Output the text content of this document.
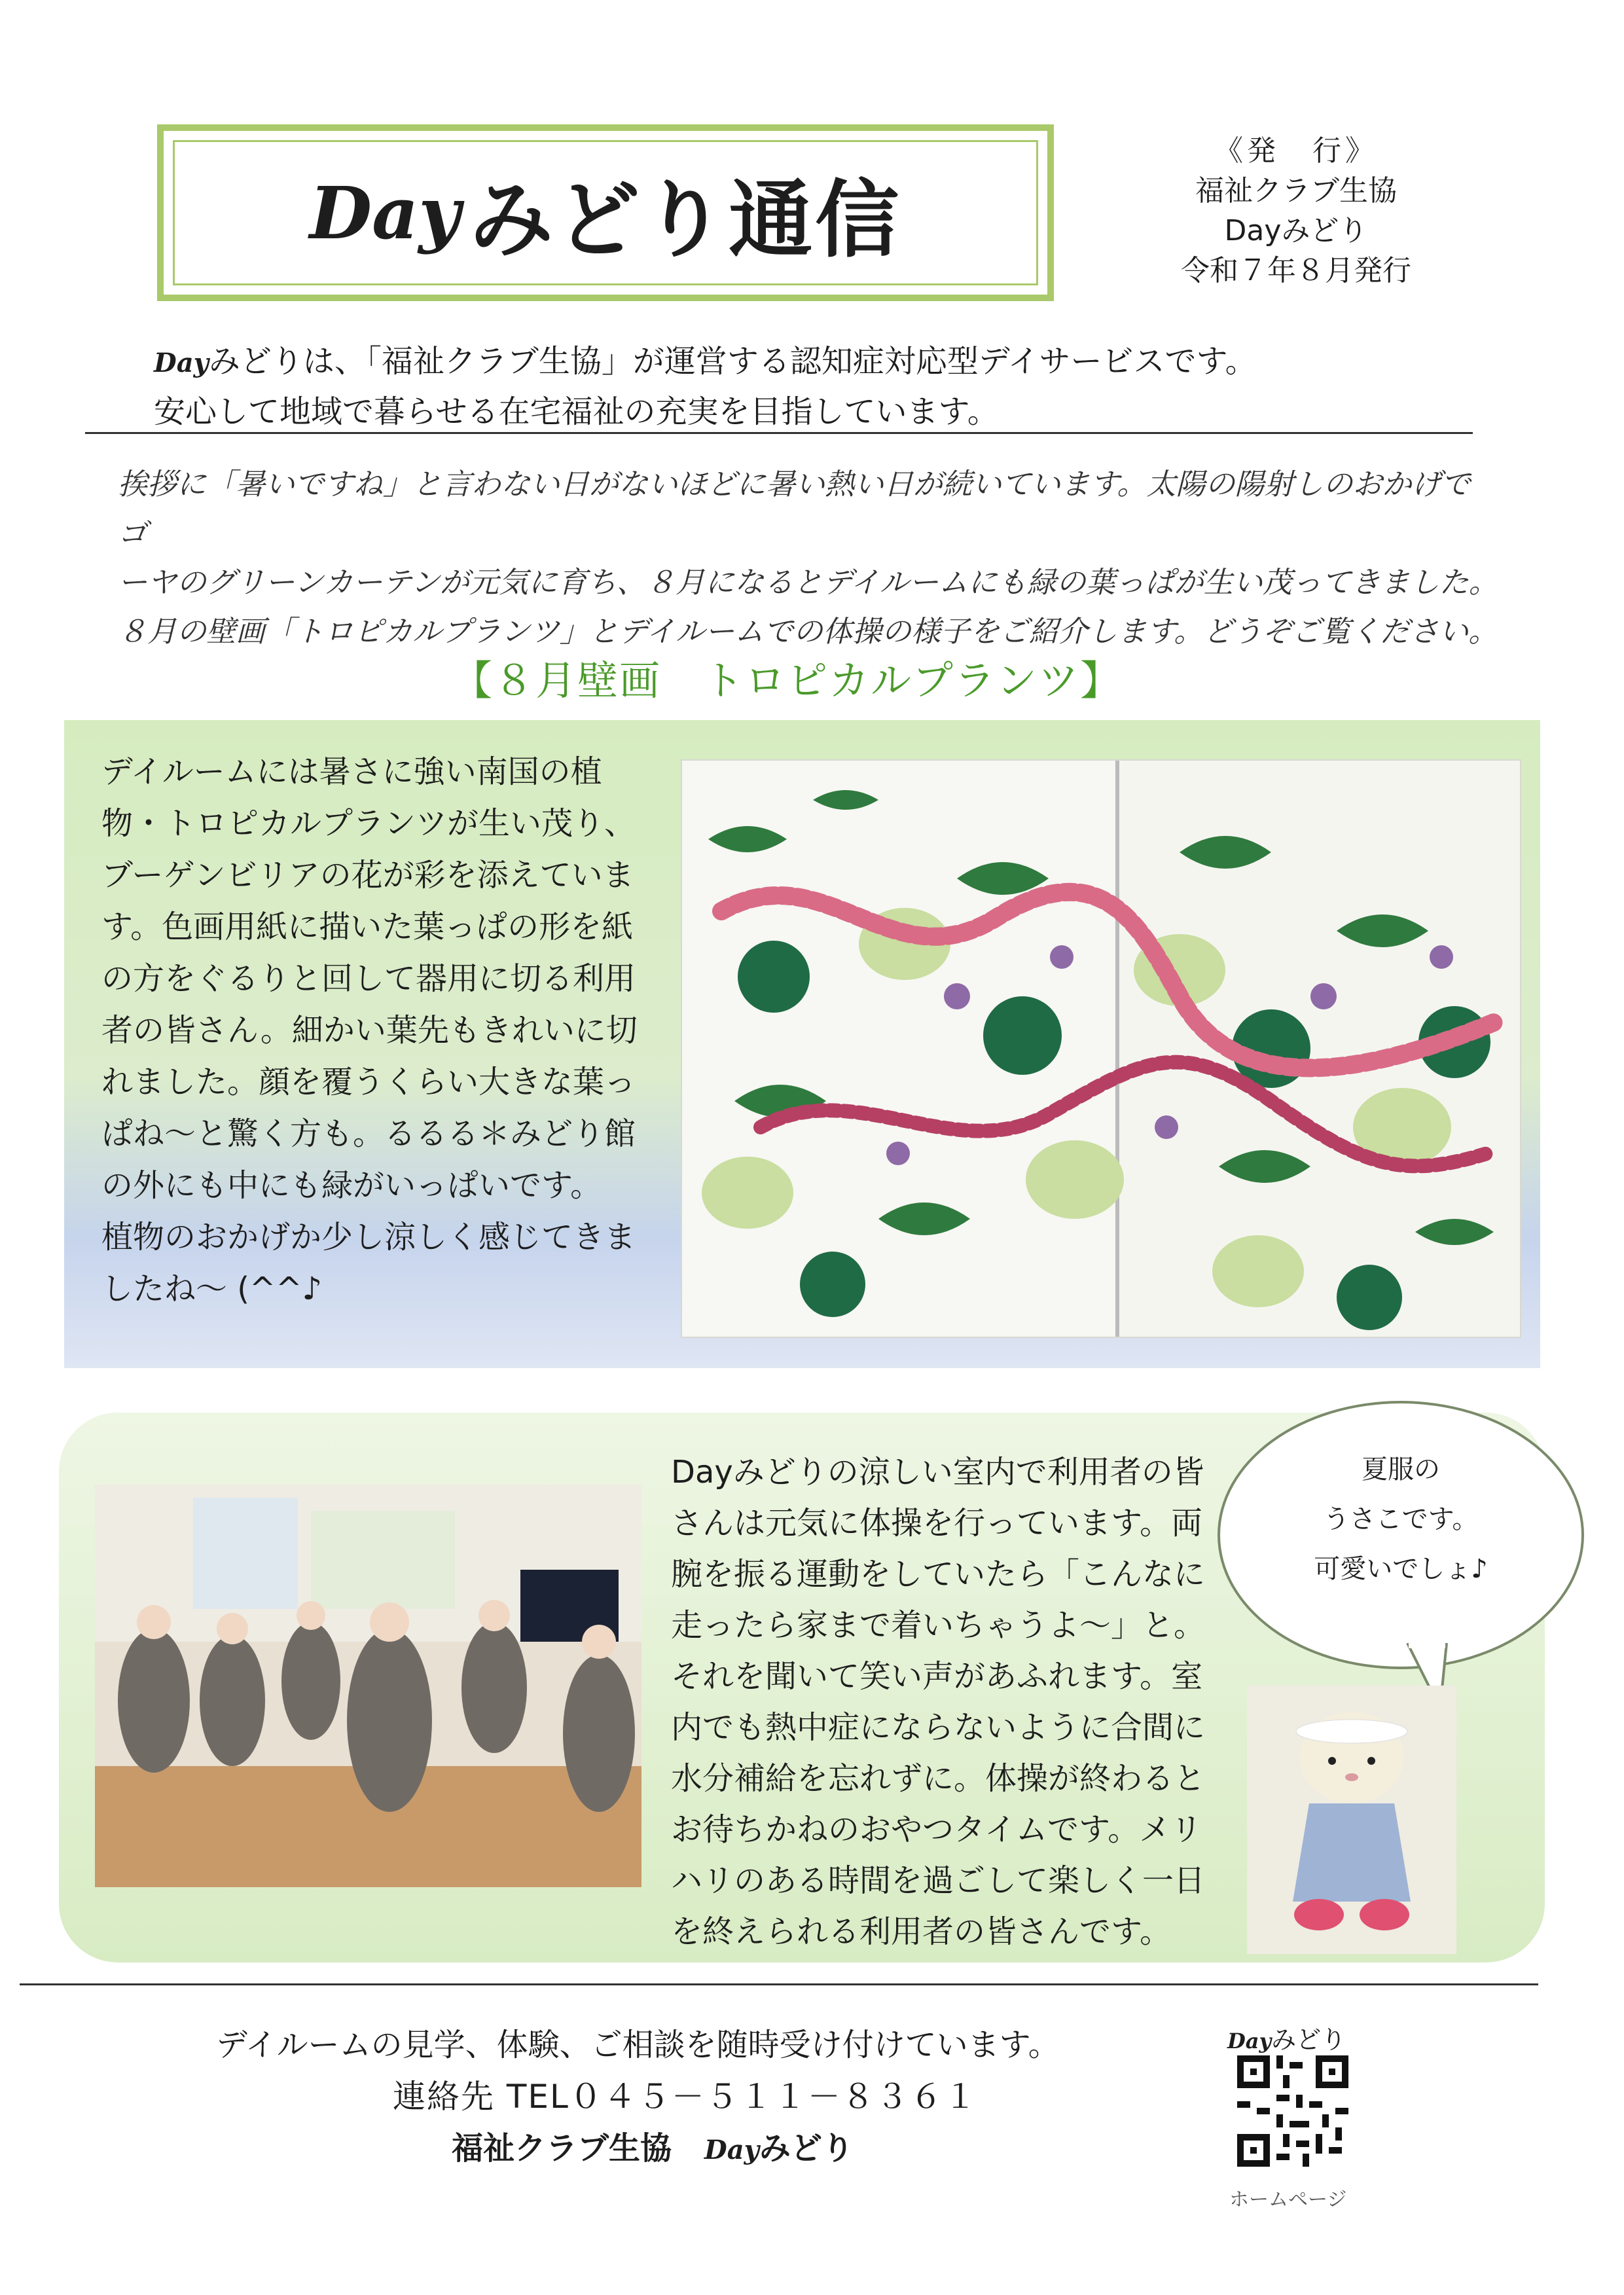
Day みどり通信
《発　行》
福祉クラブ生協
Dayみどり
令和７年８月発行
Dayみどりは、「福祉クラブ生協」が運営する認知症対応型デイサービスです。
安心して地域で暮らせる在宅福祉の充実を目指しています。
挨拶に「暑いですね」と言わない日がないほどに暑い熱い日が続いています。太陽の陽射しのおかげでゴ
ーヤのグリーンカーテンが元気に育ち、８月になるとデイルームにも緑の葉っぱが生い茂ってきました。
８月の壁画「トロピカルプランツ」とデイルームでの体操の様子をご紹介します。どうぞご覧ください。
【８月壁画　トロピカルプランツ】
デイルームには暑さに強い南国の植
物・トロピカルプランツが生い茂り、
ブーゲンビリアの花が彩を添えていま
す。色画用紙に描いた葉っぱの形を紙
の方をぐるりと回して器用に切る利用
者の皆さん。細かい葉先もきれいに切
れました。顔を覆うくらい大きな葉っ
ぱね～と驚く方も。るるる＊みどり館
の外にも中にも緑がいっぱいです。
植物のおかげか少し涼しく感じてきま
したね～ (^^♪
Dayみどりの涼しい室内で利用者の皆
さんは元気に体操を行っています。両
腕を振る運動をしていたら「こんなに
走ったら家まで着いちゃうよ～」と。
それを聞いて笑い声があふれます。室
内でも熱中症にならないように合間に
水分補給を忘れずに。体操が終わると
お待ちかねのおやつタイムです。メリ
ハリのある時間を過ごして楽しく一日
を終えられる利用者の皆さんです。
夏服の
うさこです。
可愛いでしょ♪
デイルームの見学、体験、ご相談を随時受け付けています。
連絡先 TEL０４５－５１１－８３６１
福祉クラブ生協 Dayみどり
Dayみどり
ホームページ
